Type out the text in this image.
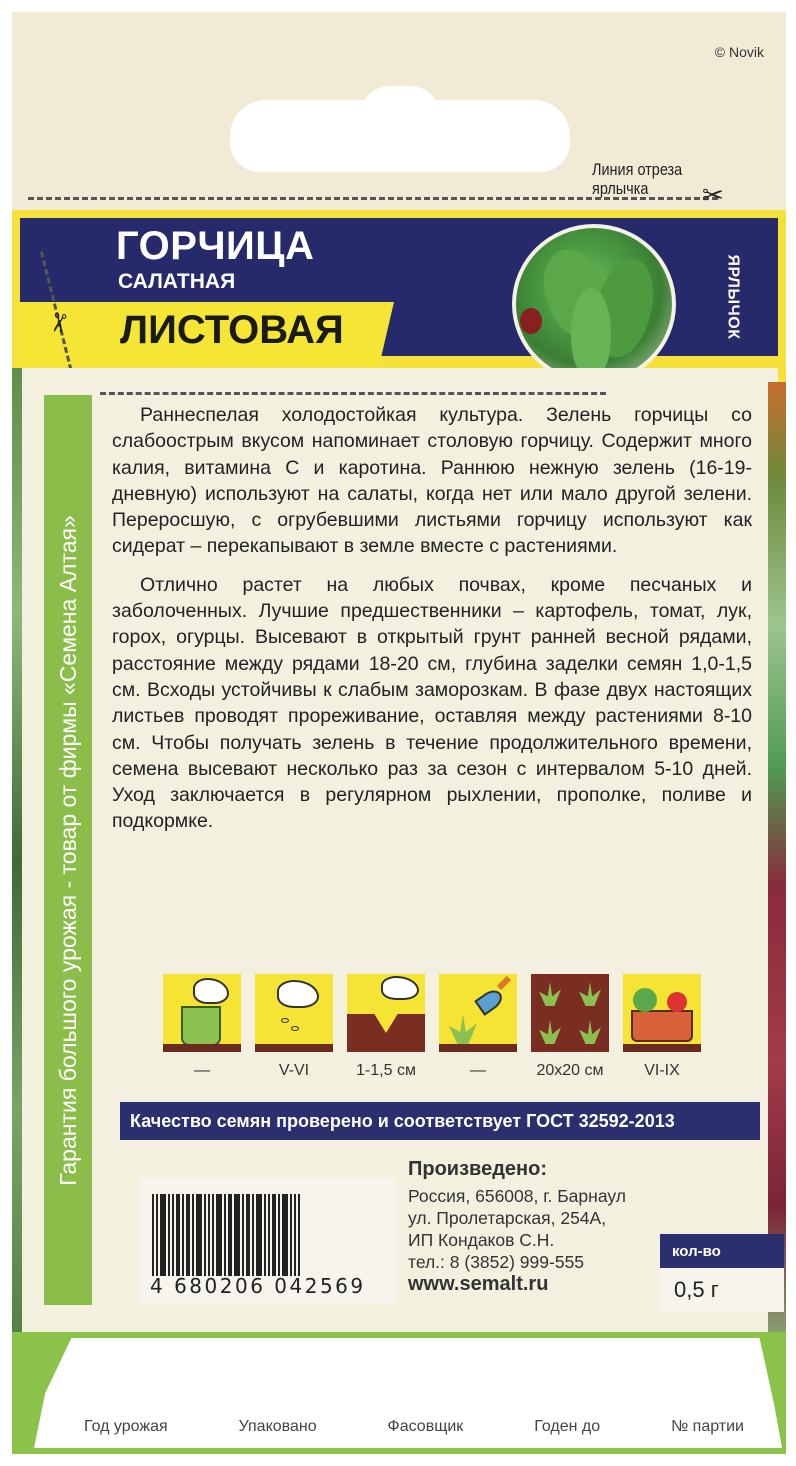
© Novik
Линия отреза
ярлычка	✂
ГОРЧИЦА
САЛАТНАЯ
ЛИСТОВАЯ	ЯРЛЫЧОК
✂
Гарантия большого урожая - товар от фирмы «Семена Алтая»

Раннеспелая холодостойкая культура. Зелень горчицы со слабоострым вкусом напоминает столовую горчицу. Содержит много калия, витамина С и каротина. Раннюю нежную зелень (16-19-дневную) используют на салаты, когда нет или мало другой зелени. Переросшую, с огрубевшими листьями горчицу используют как сидерат – перекапывают в земле вместе с растениями.

Отлично растет на любых почвах, кроме песчаных и заболоченных. Лучшие предшественники – картофель, томат, лук, горох, огурцы. Высевают в открытый грунт ранней весной рядами, расстояние между рядами 18-20 см, глубина заделки семян 1,0-1,5 см. Всходы устойчивы к слабым заморозкам. В фазе двух настоящих листьев проводят прореживание, оставляя между растениями 8-10 см. Чтобы получать зелень в течение продолжительного времени, семена высевают несколько раз за сезон с интервалом 5-10 дней. Уход заключается в регулярном рыхлении, прополке, поливе и подкормке.

—	V-VI	1-1,5 см	—	20x20 см	VI-IX
Качество семян проверено и соответствует ГОСТ 32592-2013
4 680206 042569
Произведено:
Россия, 656008, г. Барнаул
ул. Пролетарская, 254А,
ИП Кондаков С.Н.
тел.: 8 (3852) 999-555
www.semalt.ru
кол-во
0,5 г
Год урожая	Упаковано	Фасовщик	Годен до	№ партии
